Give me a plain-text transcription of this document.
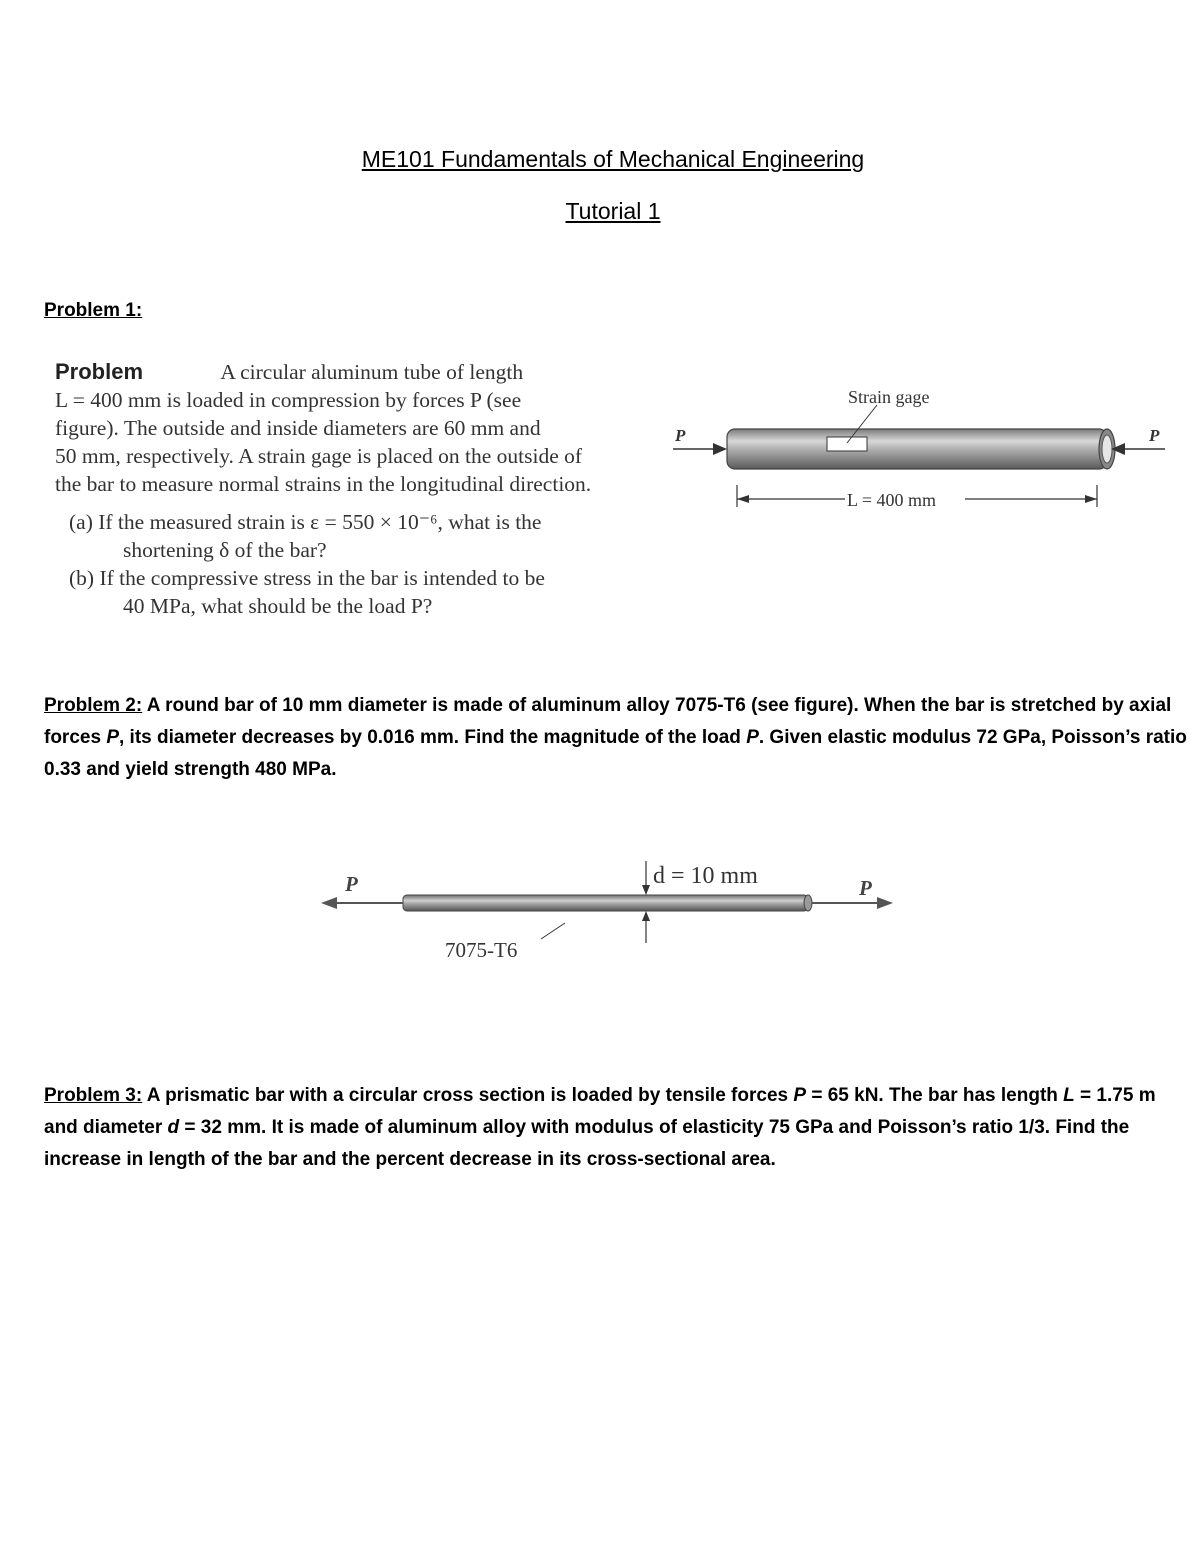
ME101 Fundamentals of Mechanical Engineering
Tutorial 1
Problem 1:
Problem	A circular aluminum tube of length
L = 400 mm is loaded in compression by forces P (see
figure). The outside and inside diameters are 60 mm and
50 mm, respectively. A strain gage is placed on the outside of
the bar to measure normal strains in the longitudinal direction.
(a) If the measured strain is ε = 550 × 10⁻⁶, what is the
shortening δ of the bar?
(b) If the compressive stress in the bar is intended to be
40 MPa, what should be the load P?
Strain gage
P	P
L = 400 mm
Problem 2: A round bar of 10 mm diameter is made of aluminum alloy 7075-T6 (see figure). When the bar is stretched by axial forces P, its diameter decreases by 0.016 mm. Find the magnitude of the load P. Given elastic modulus 72 GPa, Poisson’s ratio 0.33 and yield strength 480 MPa.
P	P
d = 10 mm
7075-T6
Problem 3: A prismatic bar with a circular cross section is loaded by tensile forces P = 65 kN. The bar has length L = 1.75 m and diameter d = 32 mm. It is made of aluminum alloy with modulus of elasticity 75 GPa and Poisson’s ratio 1/3. Find the increase in length of the bar and the percent decrease in its cross-sectional area.
